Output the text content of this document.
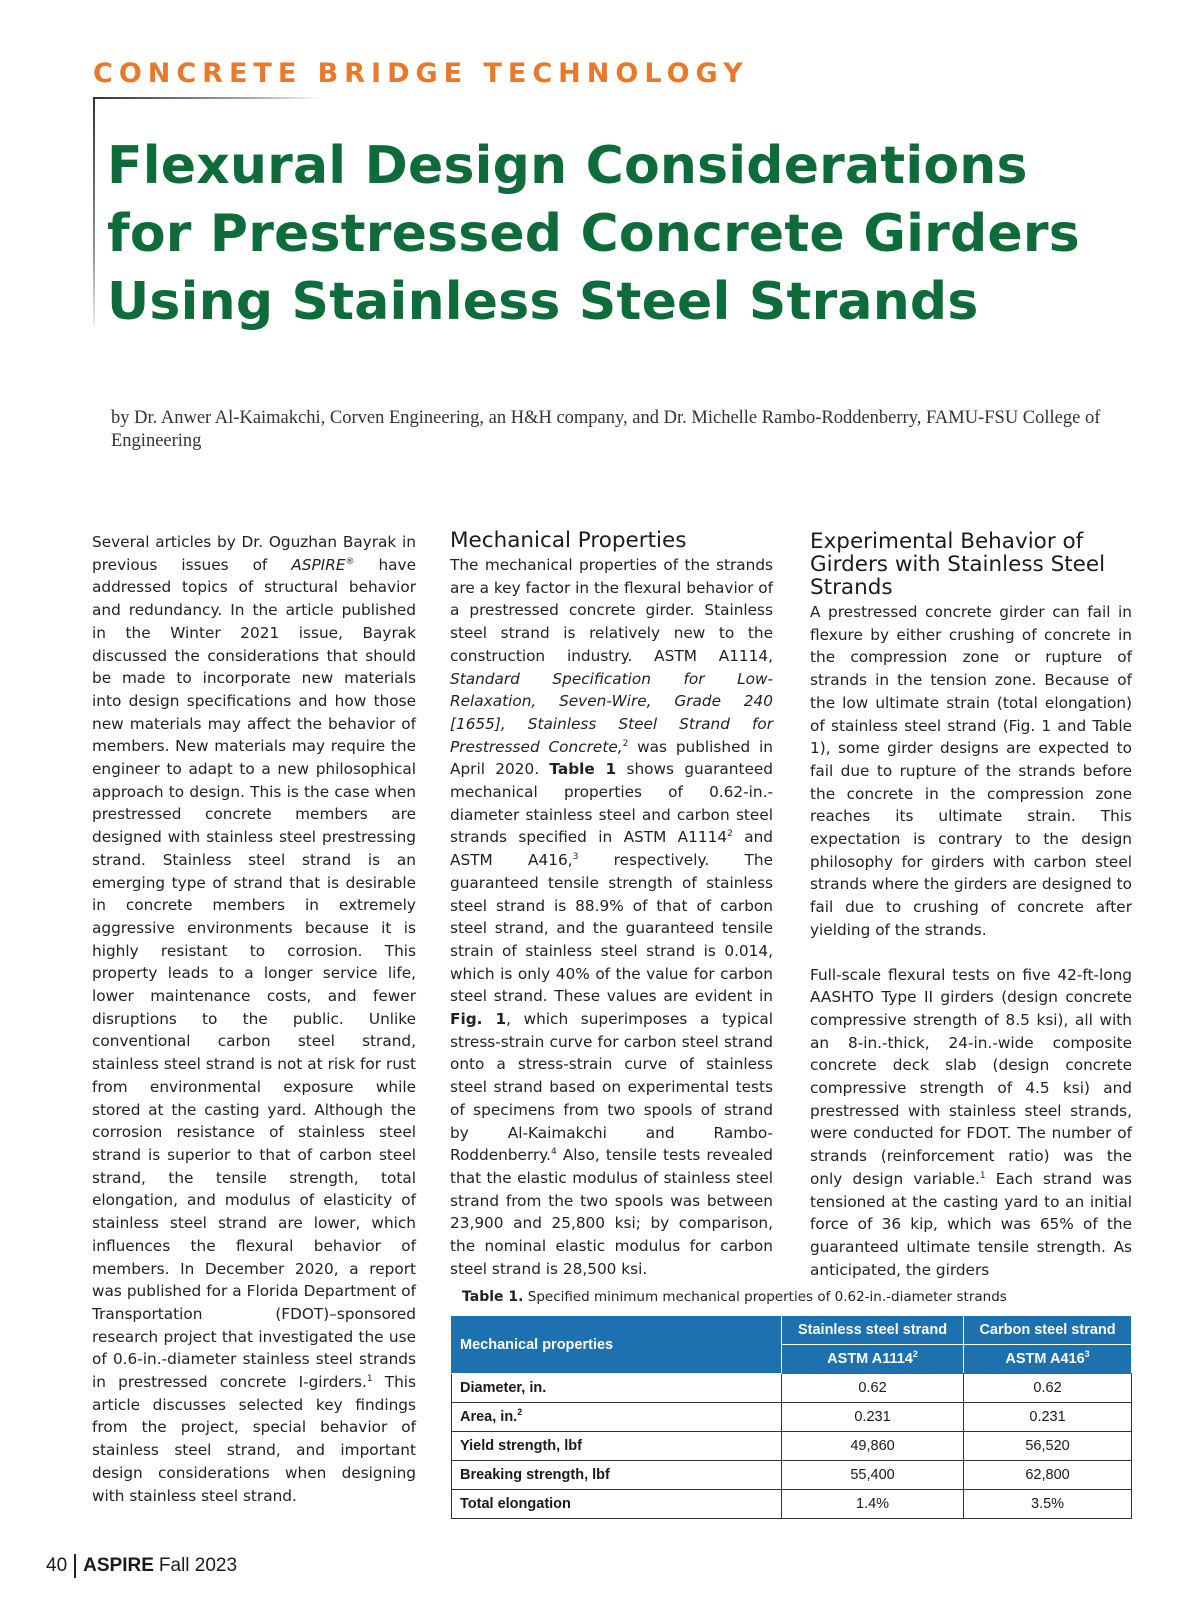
CONCRETE BRIDGE TECHNOLOGY
Flexural Design Considerations
for Prestressed Concrete Girders
Using Stainless Steel Strands
by Dr. Anwer Al-Kaimakchi, Corven Engineering, an H&H company, and Dr. Michelle Rambo-Roddenberry, FAMU-FSU College of Engineering

Several articles by Dr. Oguzhan Bayrak in previous issues of ASPIRE® have addressed topics of structural behavior and redundancy. In the article published in the Winter 2021 issue, Bayrak discussed the considerations that should be made to incorporate new materials into design specifications and how those new materials may affect the behavior of members. New materials may require the engineer to adapt to a new philosophical approach to design. This is the case when prestressed concrete members are designed with stainless steel prestressing strand. Stainless steel strand is an emerging type of strand that is desirable in concrete members in extremely aggressive environments because it is highly resistant to corrosion. This property leads to a longer service life, lower maintenance costs, and fewer disruptions to the public. Unlike conventional carbon steel strand, stainless steel strand is not at risk for rust from environmental exposure while stored at the casting yard. Although the corrosion resistance of stainless steel strand is superior to that of carbon steel strand, the tensile strength, total elongation, and modulus of elasticity of stainless steel strand are lower, which influences the flexural behavior of members. In December 2020, a report was published for a Florida Department of Transportation (FDOT)–sponsored research project that investigated the use of 0.6-in.-diameter stainless steel strands in prestressed concrete I-girders.$^1$ This article discusses selected key findings from the project, special behavior of stainless steel strand, and important design considerations when designing with stainless steel strand.

Mechanical Properties

The mechanical properties of the strands are a key factor in the flexural behavior of a prestressed concrete girder. Stainless steel strand is relatively new to the construction industry. ASTM A1114, Standard Specification for Low-Relaxation, Seven-Wire, Grade 240 [1655], Stainless Steel Strand for Prestressed Concrete,$^2$ was published in April 2020. Table 1 shows guaranteed mechanical properties of 0.62-in.-diameter stainless steel and carbon steel strands specified in ASTM A1114$^2$ and ASTM A416,$^3$ respectively. The guaranteed tensile strength of stainless steel strand is 88.9% of that of carbon steel strand, and the guaranteed tensile strain of stainless steel strand is 0.014, which is only 40% of the value for carbon steel strand. These values are evident in Fig. 1, which superimposes a typical stress-strain curve for carbon steel strand onto a stress-strain curve of stainless steel strand based on experimental tests of specimens from two spools of strand by Al-Kaimakchi and Rambo-Roddenberry.$^4$ Also, tensile tests revealed that the elastic modulus of stainless steel strand from the two spools was between 23,900 and 25,800 ksi; by comparison, the nominal elastic modulus for carbon steel strand is 28,500 ksi.

Experimental Behavior of Girders with Stainless Steel Strands

A prestressed concrete girder can fail in flexure by either crushing of concrete in the compression zone or rupture of strands in the tension zone. Because of the low ultimate strain (total elongation) of stainless steel strand (Fig. 1 and Table 1), some girder designs are expected to fail due to rupture of the strands before the concrete in the compression zone reaches its ultimate strain. This expectation is contrary to the design philosophy for girders with carbon steel strands where the girders are designed to fail due to crushing of concrete after yielding of the strands.

Full-scale flexural tests on five 42-ft-long AASHTO Type II girders (design concrete compressive strength of 8.5 ksi), all with an 8-in.-thick, 24-in.-wide composite concrete deck slab (design concrete compressive strength of 4.5 ksi) and prestressed with stainless steel strands, were conducted for FDOT. The number of strands (reinforcement ratio) was the only design variable.$^1$ Each strand was tensioned at the casting yard to an initial force of 36 kip, which was 65% of the guaranteed ultimate tensile strength. As anticipated, the girders

Table 1. Specified minimum mechanical properties of 0.62-in.-diameter strands
Mechanical properties	Stainless steel strand	Carbon steel strand
	ASTM A1114$^2$	ASTM $A416^3$
Diameter, in.	0.62	0.62
Area, in.$^2$	0.231	0.231
Yield strength, lbf	49,860	56,520
Breaking strength, lbf	55,400	62,800
Total elongation	1.4%	3.5%
40 ASPIRE Fall 2023
